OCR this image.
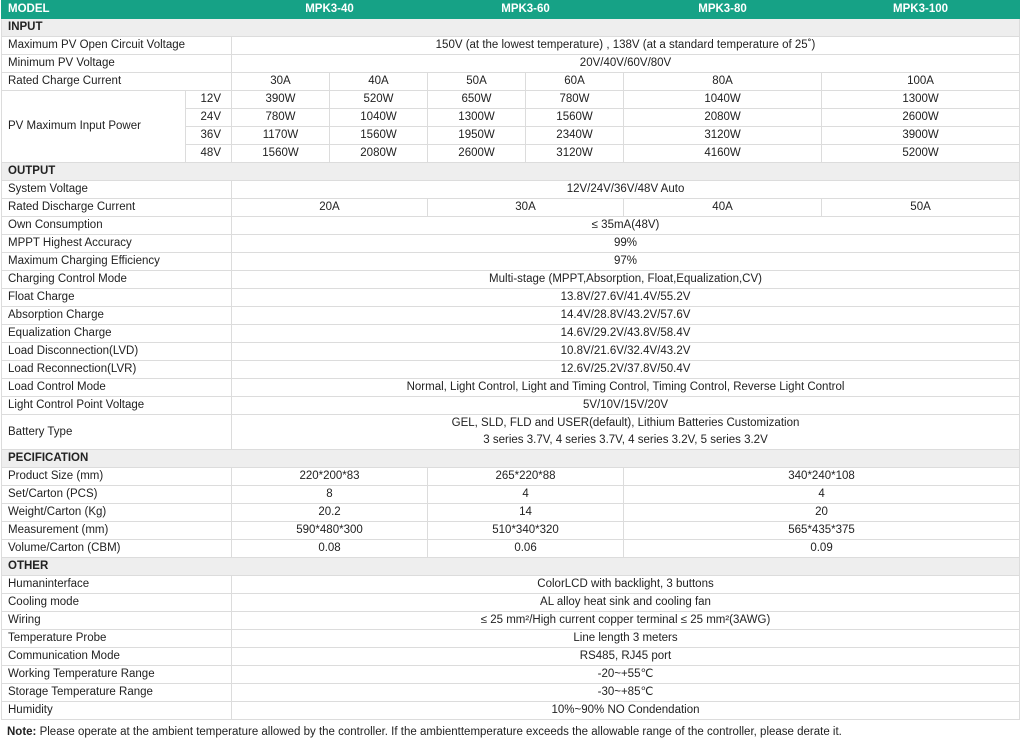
MODEL		MPK3-40		MPK3-60		MPK3-80	MPK3-100
INPUT							
Maximum PV Open Circuit Voltage		150V (at the lowest temperature) , 138V (at a standard temperature of 25˚)					
Minimum PV Voltage		20V/40V/60V/80V					
Rated Charge Current		30A	40A	50A	60A	80A	100A
PV Maximum Input Power	12V	390W	520W	650W	780W	1040W	1300W
	24V	780W	1040W	1300W	1560W	2080W	2600W
	36V	1170W	1560W	1950W	2340W	3120W	3900W
	48V	1560W	2080W	2600W	3120W	4160W	5200W
OUTPUT							
System Voltage		12V/24V/36V/48V Auto					
Rated Discharge Current		20A		30A		40A	50A
Own Consumption		≤ 35mA(48V)					
MPPT Highest Accuracy		99%					
Maximum Charging Efficiency		97%					
Charging Control Mode		Multi-stage (MPPT,Absorption, Float,Equalization,CV)					
Float Charge		13.8V/27.6V/41.4V/55.2V					
Absorption Charge		14.4V/28.8V/43.2V/57.6V					
Equalization Charge		14.6V/29.2V/43.8V/58.4V					
Load Disconnection(LVD)		10.8V/21.6V/32.4V/43.2V					
Load Reconnection(LVR)		12.6V/25.2V/37.8V/50.4V					
Load Control Mode		Normal, Light Control, Light and Timing Control, Timing Control, Reverse Light Control					
Light Control Point Voltage		5V/10V/15V/20V					
Battery Type		GEL, SLD, FLD and USER(default), Lithium Batteries Customization
3 series 3.7V, 4 series 3.7V, 4 series 3.2V, 5 series 3.2V					

PECIFICATION							
Product Size (mm)		220*200*83		265*220*88		340*240*108	
Set/Carton (PCS)		8		4		4	
Weight/Carton (Kg)		20.2		14		20	
Measurement (mm)		590*480*300		510*340*320		565*435*375	
Volume/Carton (CBM)		0.08		0.06		0.09	
OTHER							
Humaninterface		ColorLCD with backlight, 3 buttons					
Cooling mode		AL alloy heat sink and cooling fan					
Wiring		≤ 25 mm²/High current copper terminal ≤ 25 mm²(3AWG)					
Temperature Probe		Line length 3 meters					
Communication Mode		RS485, RJ45 port					
Working Temperature Range		-20~+55℃					
Storage Temperature Range		-30~+85℃					
Humidity		10%~90% NO Condendation					
Note: Please operate at the ambient temperature allowed by the controller. If the ambienttemperature exceeds the allowable range of the controller, please derate it.
